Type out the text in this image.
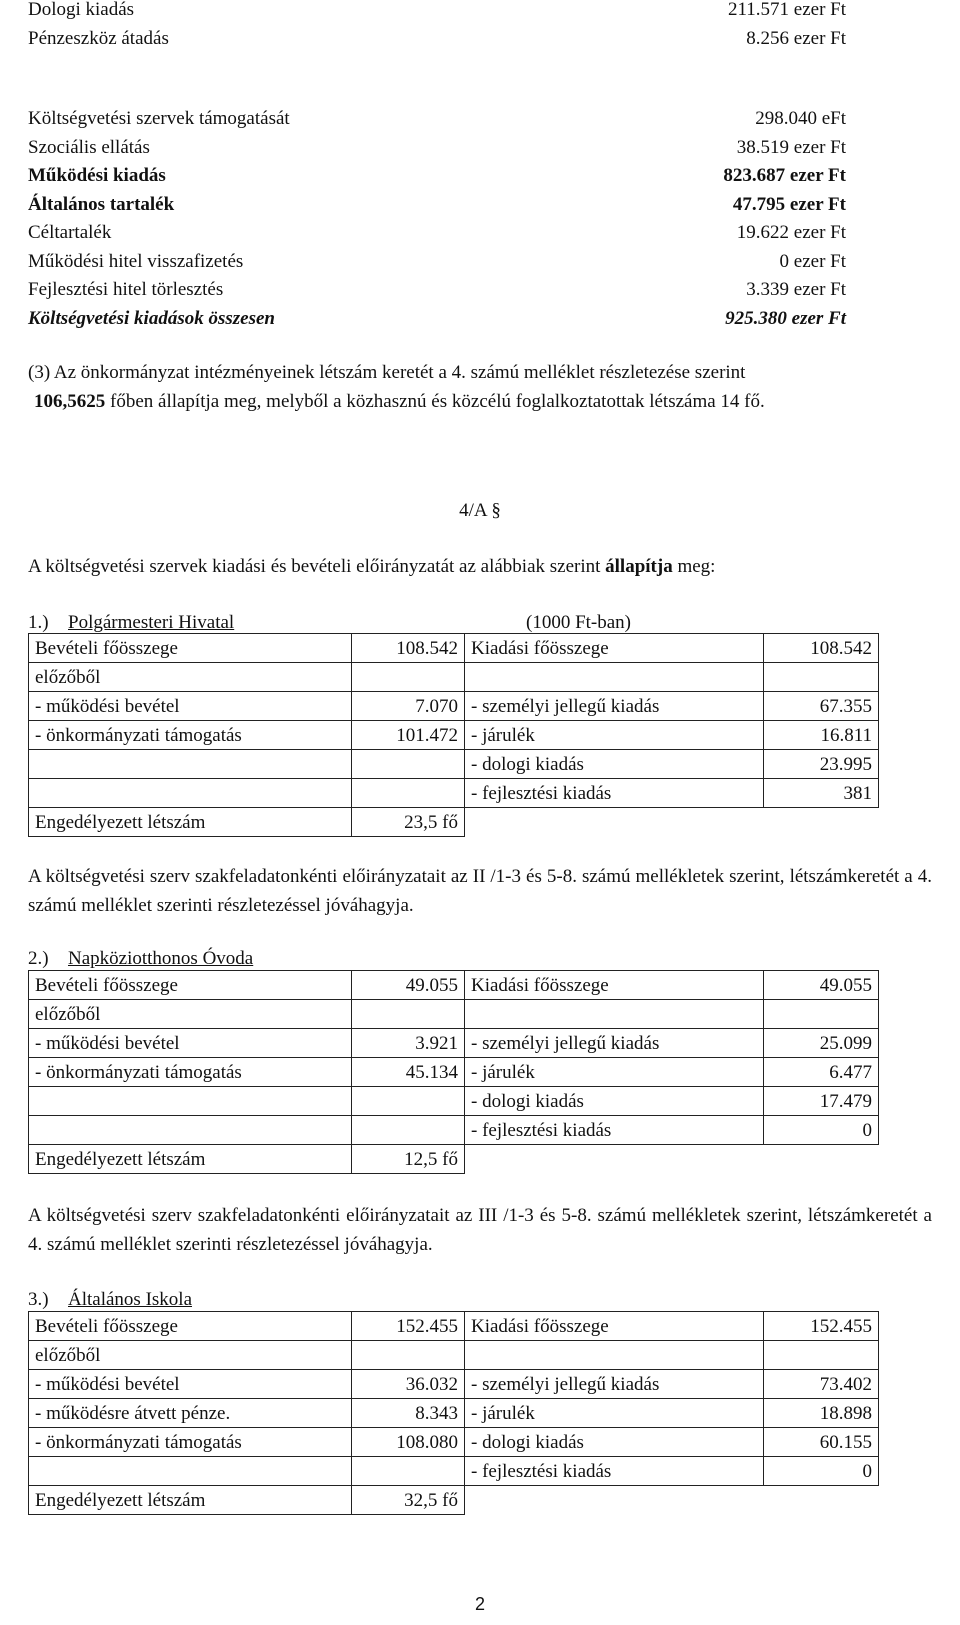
Dologi kiadás	211.571 ezer Ft
Pénzeszköz átadás	8.256 ezer Ft
Költségvetési szervek támogatását	298.040 eFt
Szociális ellátás	38.519 ezer Ft
Működési kiadás	823.687 ezer Ft
Általános tartalék	47.795 ezer Ft
Céltartalék	19.622 ezer Ft
Működési hitel visszafizetés	0 ezer Ft
Fejlesztési hitel törlesztés	3.339 ezer Ft
Költségvetési kiadások összesen	925.380 ezer Ft
(3) Az önkormányzat intézményeinek létszám keretét a 4. számú melléklet részletezése szerint
106,5625 főben állapítja meg, melyből a közhasznú és közcélú foglalkoztatottak létszáma 14 fő.
4/A §
A költségvetési szervek kiadási és bevételi előirányzatát az alábbiak szerint állapítja meg:
1.)	Polgármesteri Hivatal	(1000 Ft-ban)
Bevételi főösszege	108.542	Kiadási főösszege	108.542
előzőből			
- működési bevétel	7.070	- személyi jellegű kiadás	67.355
- önkormányzati támogatás	101.472	- járulék	16.811
		- dologi kiadás	23.995
		- fejlesztési kiadás	381
Engedélyezett létszám	23,5 fő		
A költségvetési szerv szakfeladatonkénti előirányzatait az II /1-3 és 5-8. számú mellékletek szerint, létszámkeretét a 4. számú melléklet szerinti részletezéssel jóváhagyja.
2.)	Napköziotthonos Óvoda
Bevételi főösszege	49.055	Kiadási főösszege	49.055
előzőből			
- működési bevétel	3.921	- személyi jellegű kiadás	25.099
- önkormányzati támogatás	45.134	- járulék	6.477
		- dologi kiadás	17.479
		- fejlesztési kiadás	0
Engedélyezett létszám	12,5 fő		
A költségvetési szerv szakfeladatonkénti előirányzatait az III /1-3 és 5-8. számú mellékletek szerint, létszámkeretét a 4. számú melléklet szerinti részletezéssel jóváhagyja.
3.)	Általános Iskola
Bevételi főösszege	152.455	Kiadási főösszege	152.455
előzőből			
- működési bevétel	36.032	- személyi jellegű kiadás	73.402
- működésre átvett pénze.	8.343	- járulék	18.898
- önkormányzati támogatás	108.080	- dologi kiadás	60.155
		- fejlesztési kiadás	0
Engedélyezett létszám	32,5 fő		
2
